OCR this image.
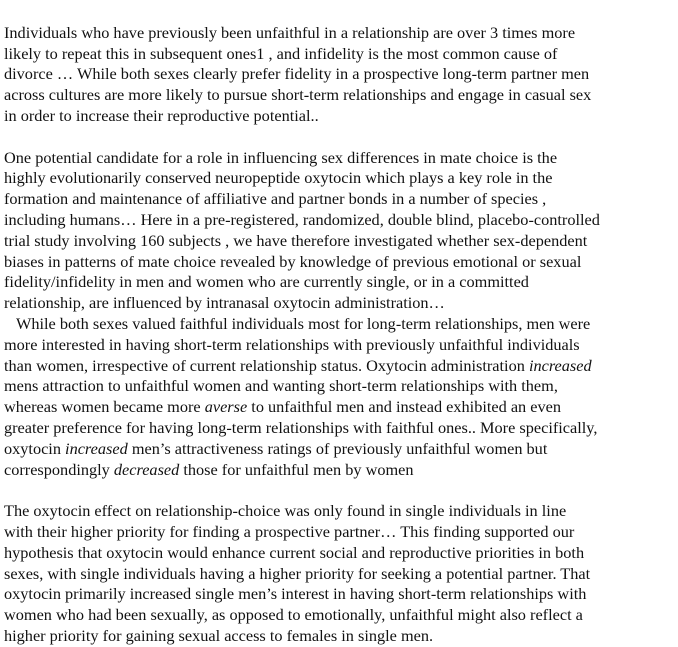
Individuals who have previously been unfaithful in a relationship are over 3 times more
likely to repeat this in subsequent ones1 , and infidelity is the most common cause of
divorce … While both sexes clearly prefer fidelity in a prospective long-term partner men
across cultures are more likely to pursue short-term relationships and engage in casual sex
in order to increase their reproductive potential..

One potential candidate for a role in influencing sex differences in mate choice is the
highly evolutionarily conserved neuropeptide oxytocin which plays a key role in the
formation and maintenance of affiliative and partner bonds in a number of species ,
including humans… Here in a pre-registered, randomized, double blind, placebo-controlled
trial study involving 160 subjects , we have therefore investigated whether sex-dependent
biases in patterns of mate choice revealed by knowledge of previous emotional or sexual
fidelity/infidelity in men and women who are currently single, or in a committed
relationship, are influenced by intranasal oxytocin administration…

While both sexes valued faithful individuals most for long-term relationships, men were
more interested in having short-term relationships with previously unfaithful individuals
than women, irrespective of current relationship status. Oxytocin administration increased
mens attraction to unfaithful women and wanting short-term relationships with them,
whereas women became more averse to unfaithful men and instead exhibited an even
greater preference for having long-term relationships with faithful ones.. More specifically,
oxytocin increased men’s attractiveness ratings of previously unfaithful women but
correspondingly decreased those for unfaithful men by women

The oxytocin effect on relationship-choice was only found in single individuals in line
with their higher priority for finding a prospective partner… This finding supported our
hypothesis that oxytocin would enhance current social and reproductive priorities in both
sexes, with single individuals having a higher priority for seeking a potential partner. That
oxytocin primarily increased single men’s interest in having short-term relationships with
women who had been sexually, as opposed to emotionally, unfaithful might also reflect a
higher priority for gaining sexual access to females in single men.
